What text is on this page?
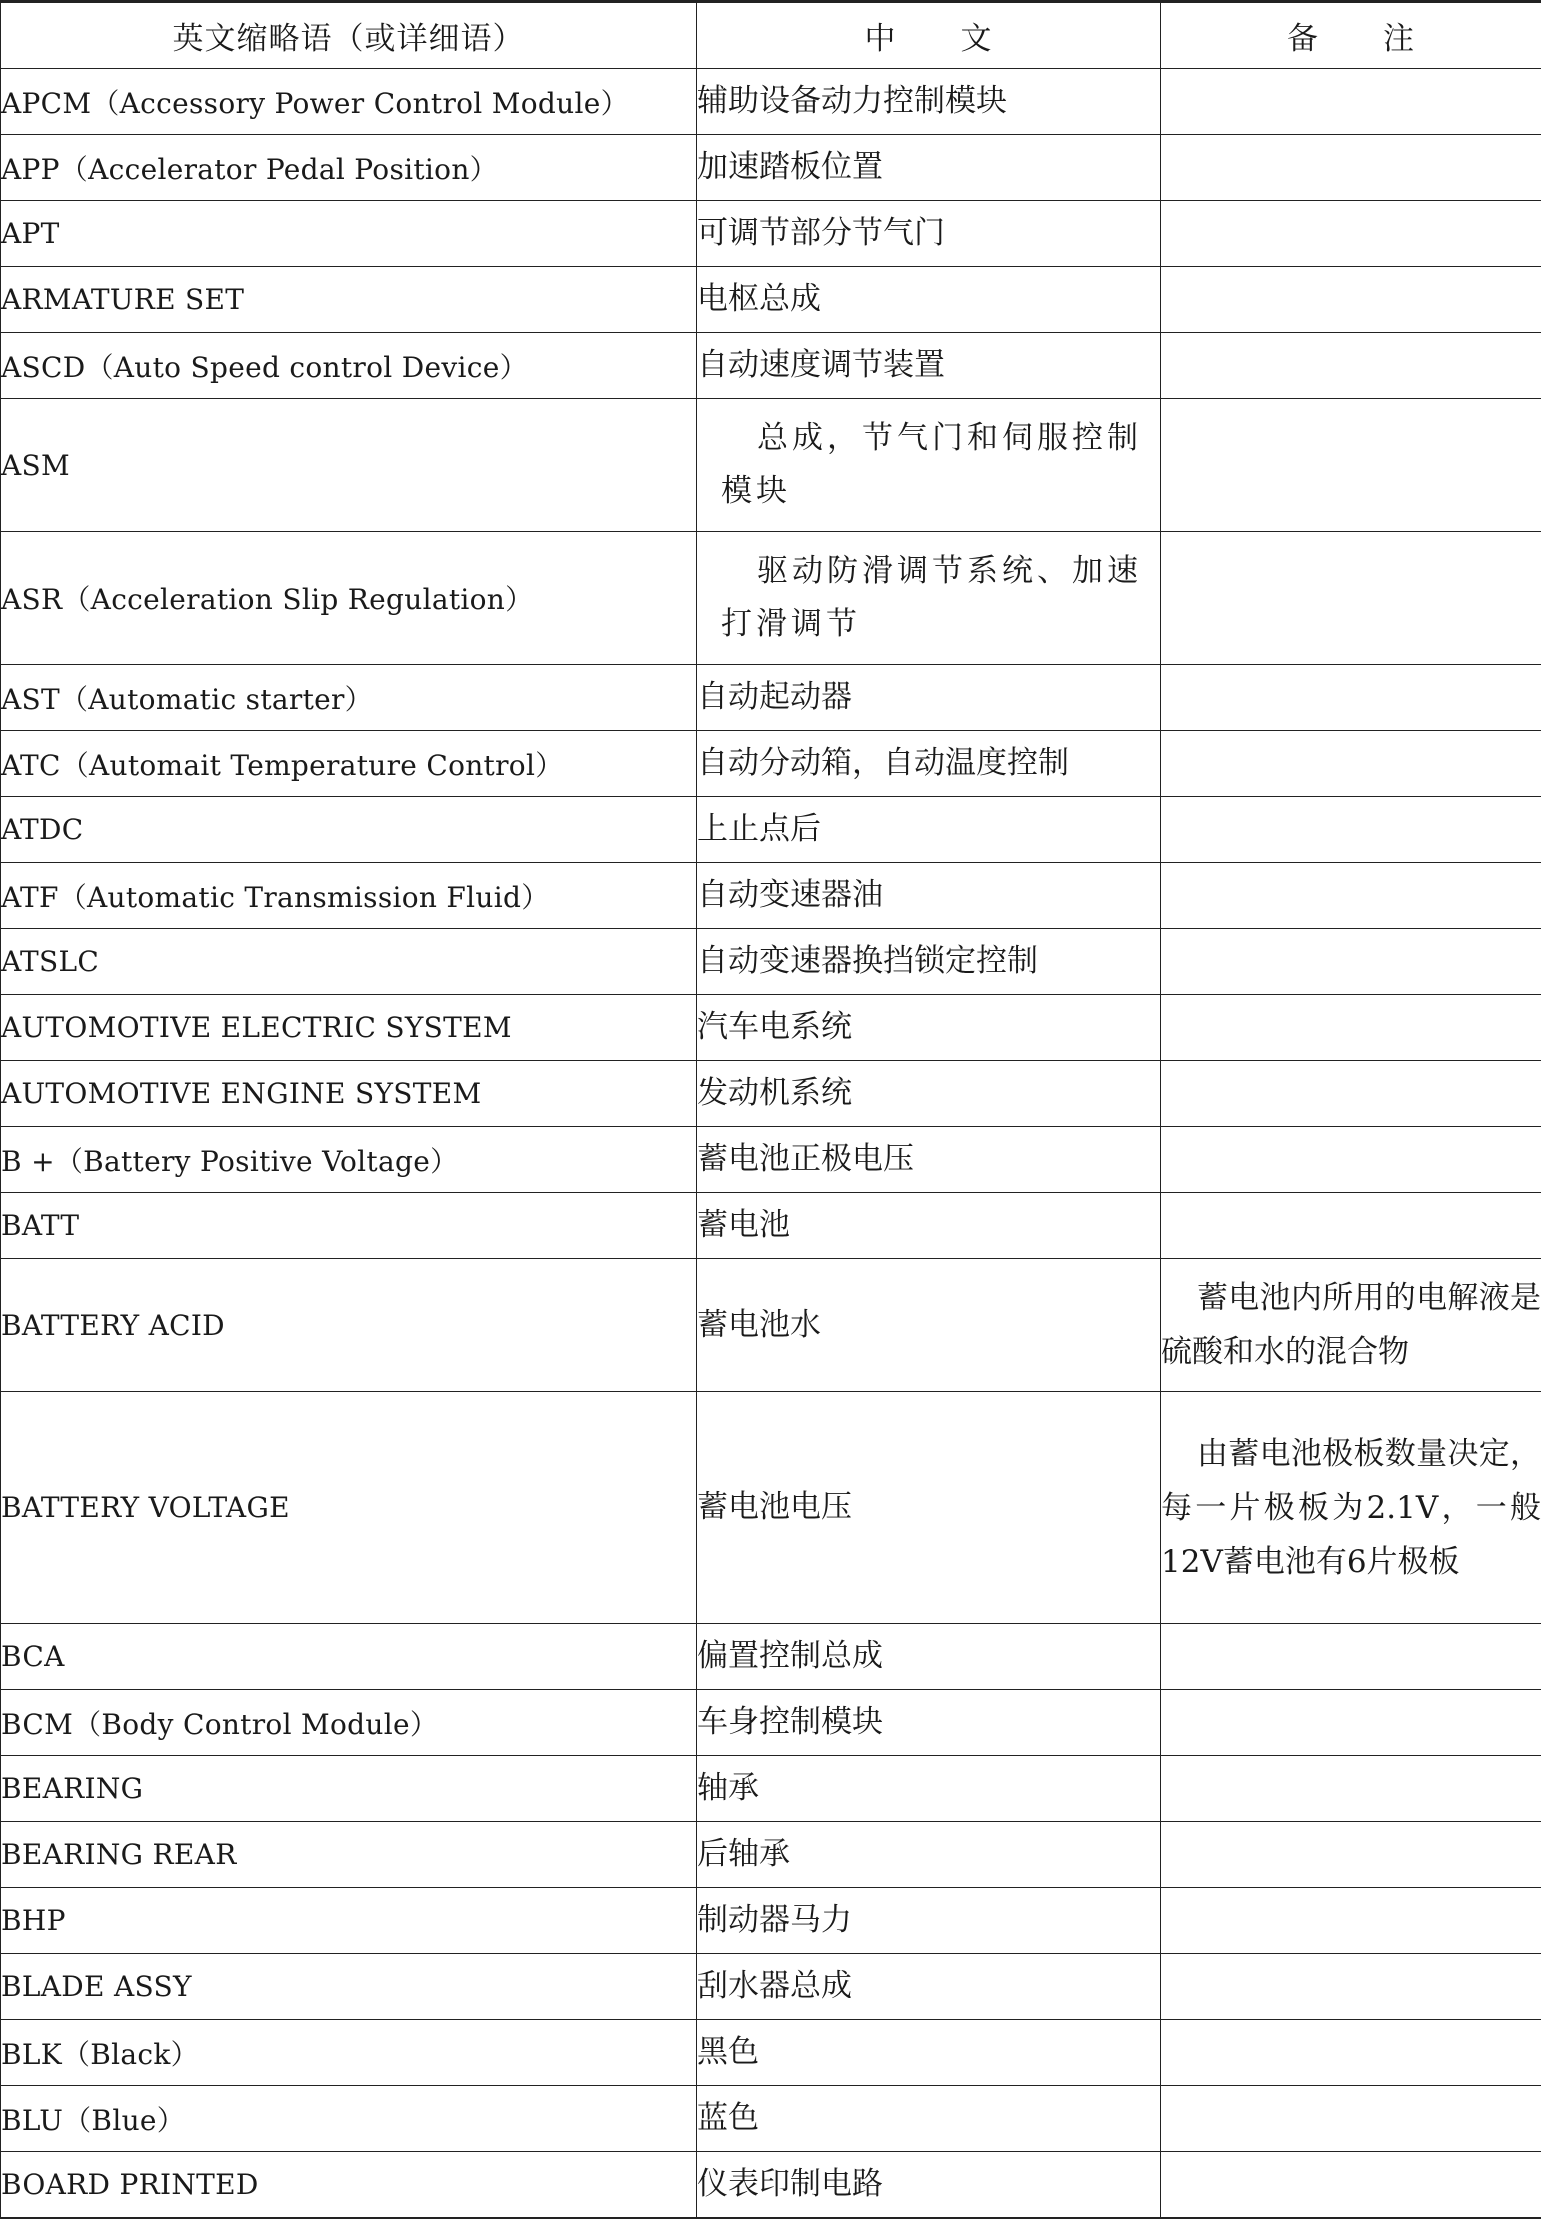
英文缩略语（或详细语）	中　　文	备　　注
APCM（Accessory Power Control Module）	辅助设备动力控制模块	
APP（Accelerator Pedal Position）	加速踏板位置	
APT	可调节部分节气门	
ARMATURE SET	电枢总成	
ASCD（Auto Speed control Device）	自动速度调节装置	
ASM	总成，节气门和伺服控制模块	
ASR（Acceleration Slip Regulation）	驱动防滑调节系统、加速打滑调节	
AST（Automatic starter）	自动起动器	
ATC（Automait Temperature Control）	自动分动箱，自动温度控制	
ATDC	上止点后	
ATF（Automatic Transmission Fluid）	自动变速器油	
ATSLC	自动变速器换挡锁定控制	
AUTOMOTIVE ELECTRIC SYSTEM	汽车电系统	
AUTOMOTIVE ENGINE SYSTEM	发动机系统	
B +（Battery Positive Voltage）	蓄电池正极电压	
BATT	蓄电池	
BATTERY ACID	蓄电池水	蓄电池内所用的电解液是硫酸和水的混合物
BATTERY VOLTAGE	蓄电池电压	由蓄电池极板数量决定，每一片极板为2.1V，一般12V蓄电池有6片极板
BCA	偏置控制总成	
BCM（Body Control Module）	车身控制模块	
BEARING	轴承	
BEARING REAR	后轴承	
BHP	制动器马力	
BLADE ASSY	刮水器总成	
BLK（Black）	黑色	
BLU（Blue）	蓝色	
BOARD PRINTED	仪表印制电路	
